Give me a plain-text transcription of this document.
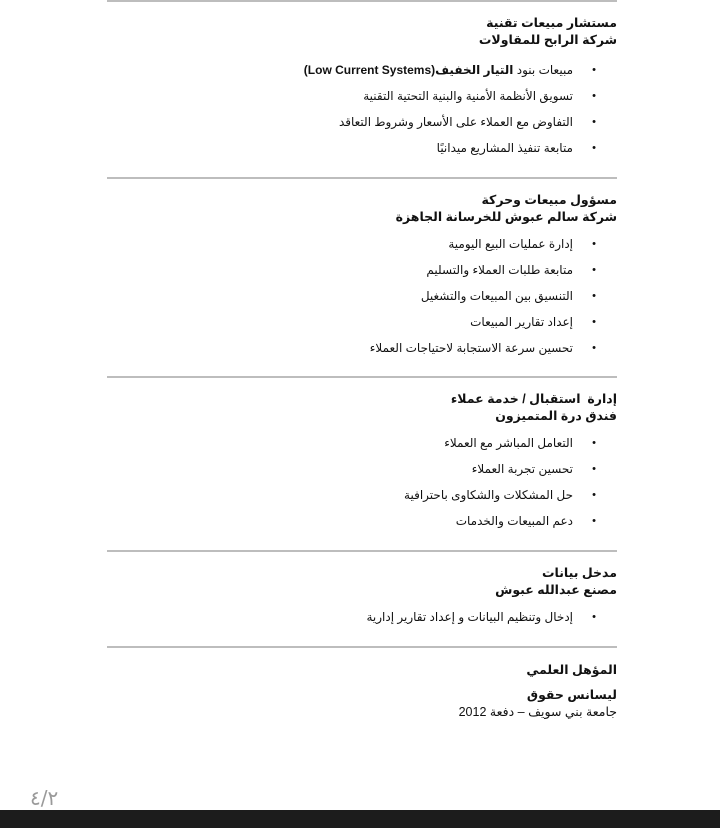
مستشار مبيعات تقنية
شركة الرابح للمقاولات
•
مبيعات بنود التيار الخفيف(Low Current Systems)
•
تسويق الأنظمة الأمنية والبنية التحتية التقنية
•
التفاوض مع العملاء على الأسعار وشروط التعاقد
•
متابعة تنفيذ المشاريع ميدانيًا
مسؤول مبيعات وحركة
شركة سالم عبوش للخرسانة الجاهزة
•
إدارة عمليات البيع اليومية
•
متابعة طلبات العملاء والتسليم
•
التنسيق بين المبيعات والتشغيل
•
إعداد تقارير المبيعات
•
تحسين سرعة الاستجابة لاحتياجات العملاء
إدارة  استقبال / خدمة عملاء
فندق درة المتميزون
•
التعامل المباشر مع العملاء
•
تحسين تجربة العملاء
•
حل المشكلات والشكاوى باحترافية
•
دعم المبيعات والخدمات
مدخل بيانات
مصنع عبدالله عبوش
•
إدخال وتنظيم البيانات و إعداد تقارير إدارية
المؤهل العلمي
ليسانس حقوق
جامعة بني سويف – دفعة 2012
٤/٢
